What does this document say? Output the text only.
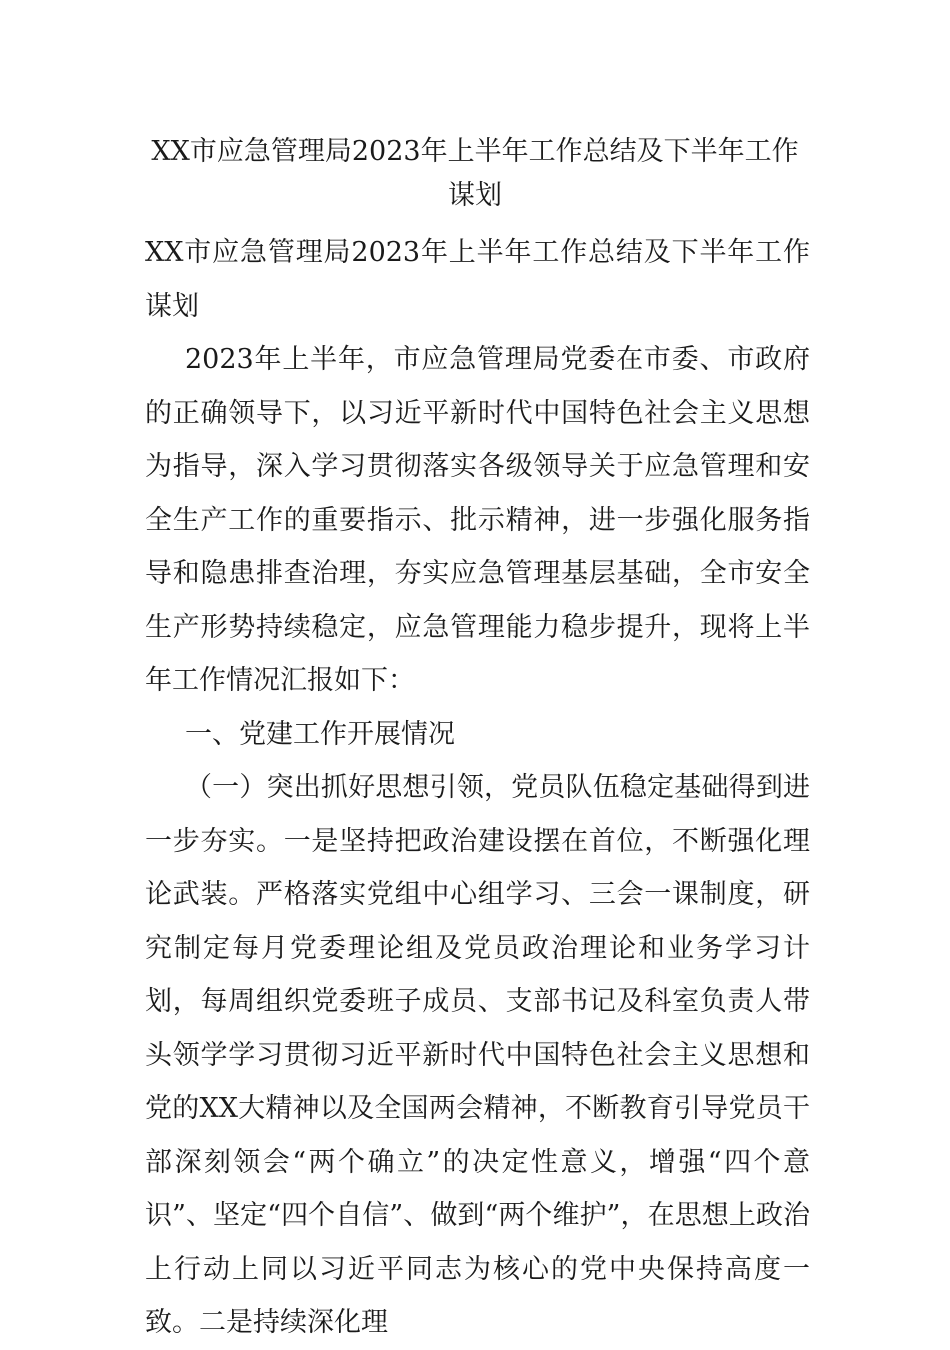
XX市应急管理局2023年上半年工作总结及下半年工作谋划

XX市应急管理局2023年上半年工作总结及下半年工作谋划

2023年上半年，市应急管理局党委在市委、市政府的正确领导下，以习近平新时代中国特色社会主义思想为指导，深入学习贯彻落实各级领导关于应急管理和安全生产工作的重要指示、批示精神，进一步强化服务指导和隐患排查治理，夯实应急管理基层基础，全市安全生产形势持续稳定，应急管理能力稳步提升，现将上半年工作情况汇报如下：

一、党建工作开展情况

（一）突出抓好思想引领，党员队伍稳定基础得到进一步夯实。一是坚持把政治建设摆在首位，不断强化理论武装。严格落实党组中心组学习、三会一课制度，研究制定每月党委理论组及党员政治理论和业务学习计划，每周组织党委班子成员、支部书记及科室负责人带头领学学习贯彻习近平新时代中国特色社会主义思想和党的XX大精神以及全国两会精神，不断教育引导党员干部深刻领会“两个确立”的决定性意义，增强“四个意识”、坚定“四个自信”、做到“两个维护”，在思想上政治上行动上同以习近平同志为核心的党中央保持高度一致。二是持续深化理
